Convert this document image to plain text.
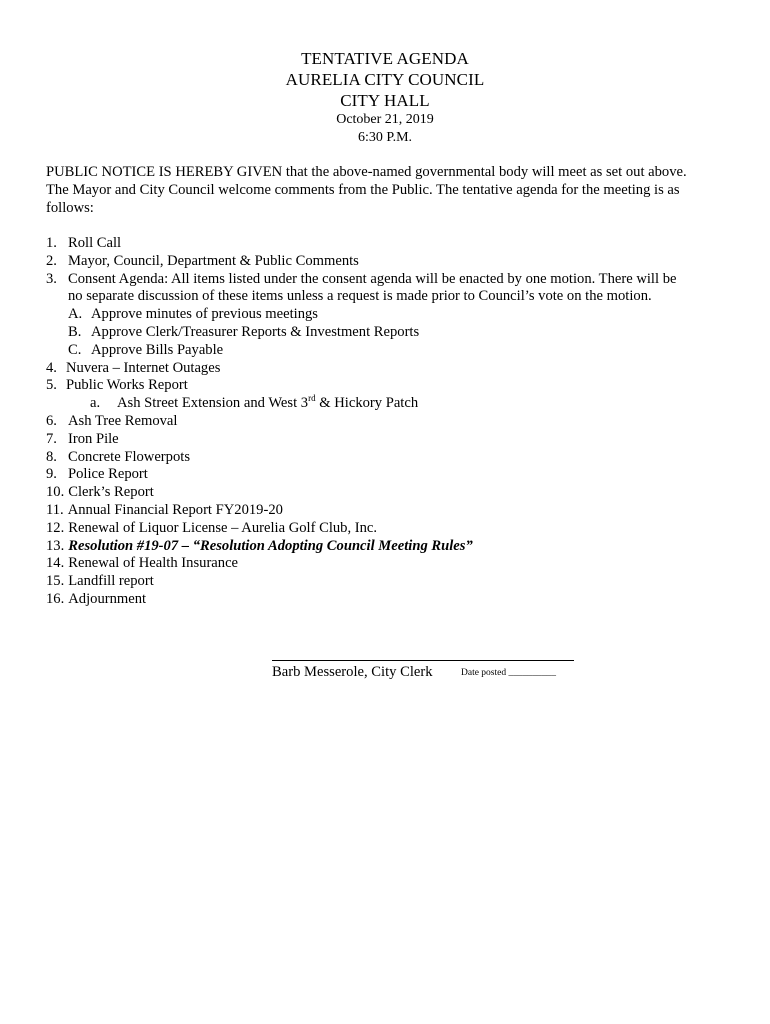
TENTATIVE AGENDA
AURELIA CITY COUNCIL
CITY HALL
October 21, 2019
6:30 P.M.
PUBLIC NOTICE IS HEREBY GIVEN that the above-named governmental body will meet as set out above.
The Mayor and City Council welcome comments from the Public. The tentative agenda for the meeting is as
follows:
1. Roll Call
2. Mayor, Council, Department & Public Comments
3. Consent Agenda: All items listed under the consent agenda will be enacted by one motion. There will be
no separate discussion of these items unless a request is made prior to Council’s vote on the motion.
A. Approve minutes of previous meetings
B. Approve Clerk/Treasurer Reports & Investment Reports
C. Approve Bills Payable
4. Nuvera – Internet Outages
5. Public Works Report
a. Ash Street Extension and West 3rd & Hickory Patch
6. Ash Tree Removal
7. Iron Pile
8. Concrete Flowerpots
9. Police Report
10. Clerk’s Report
11. Annual Financial Report FY2019-20
12. Renewal of Liquor License – Aurelia Golf Club, Inc.
13. Resolution #19-07 – “Resolution Adopting Council Meeting Rules”
14. Renewal of Health Insurance
15. Landfill report
16. Adjournment
Barb Messerole, City Clerk	Date posted __________
